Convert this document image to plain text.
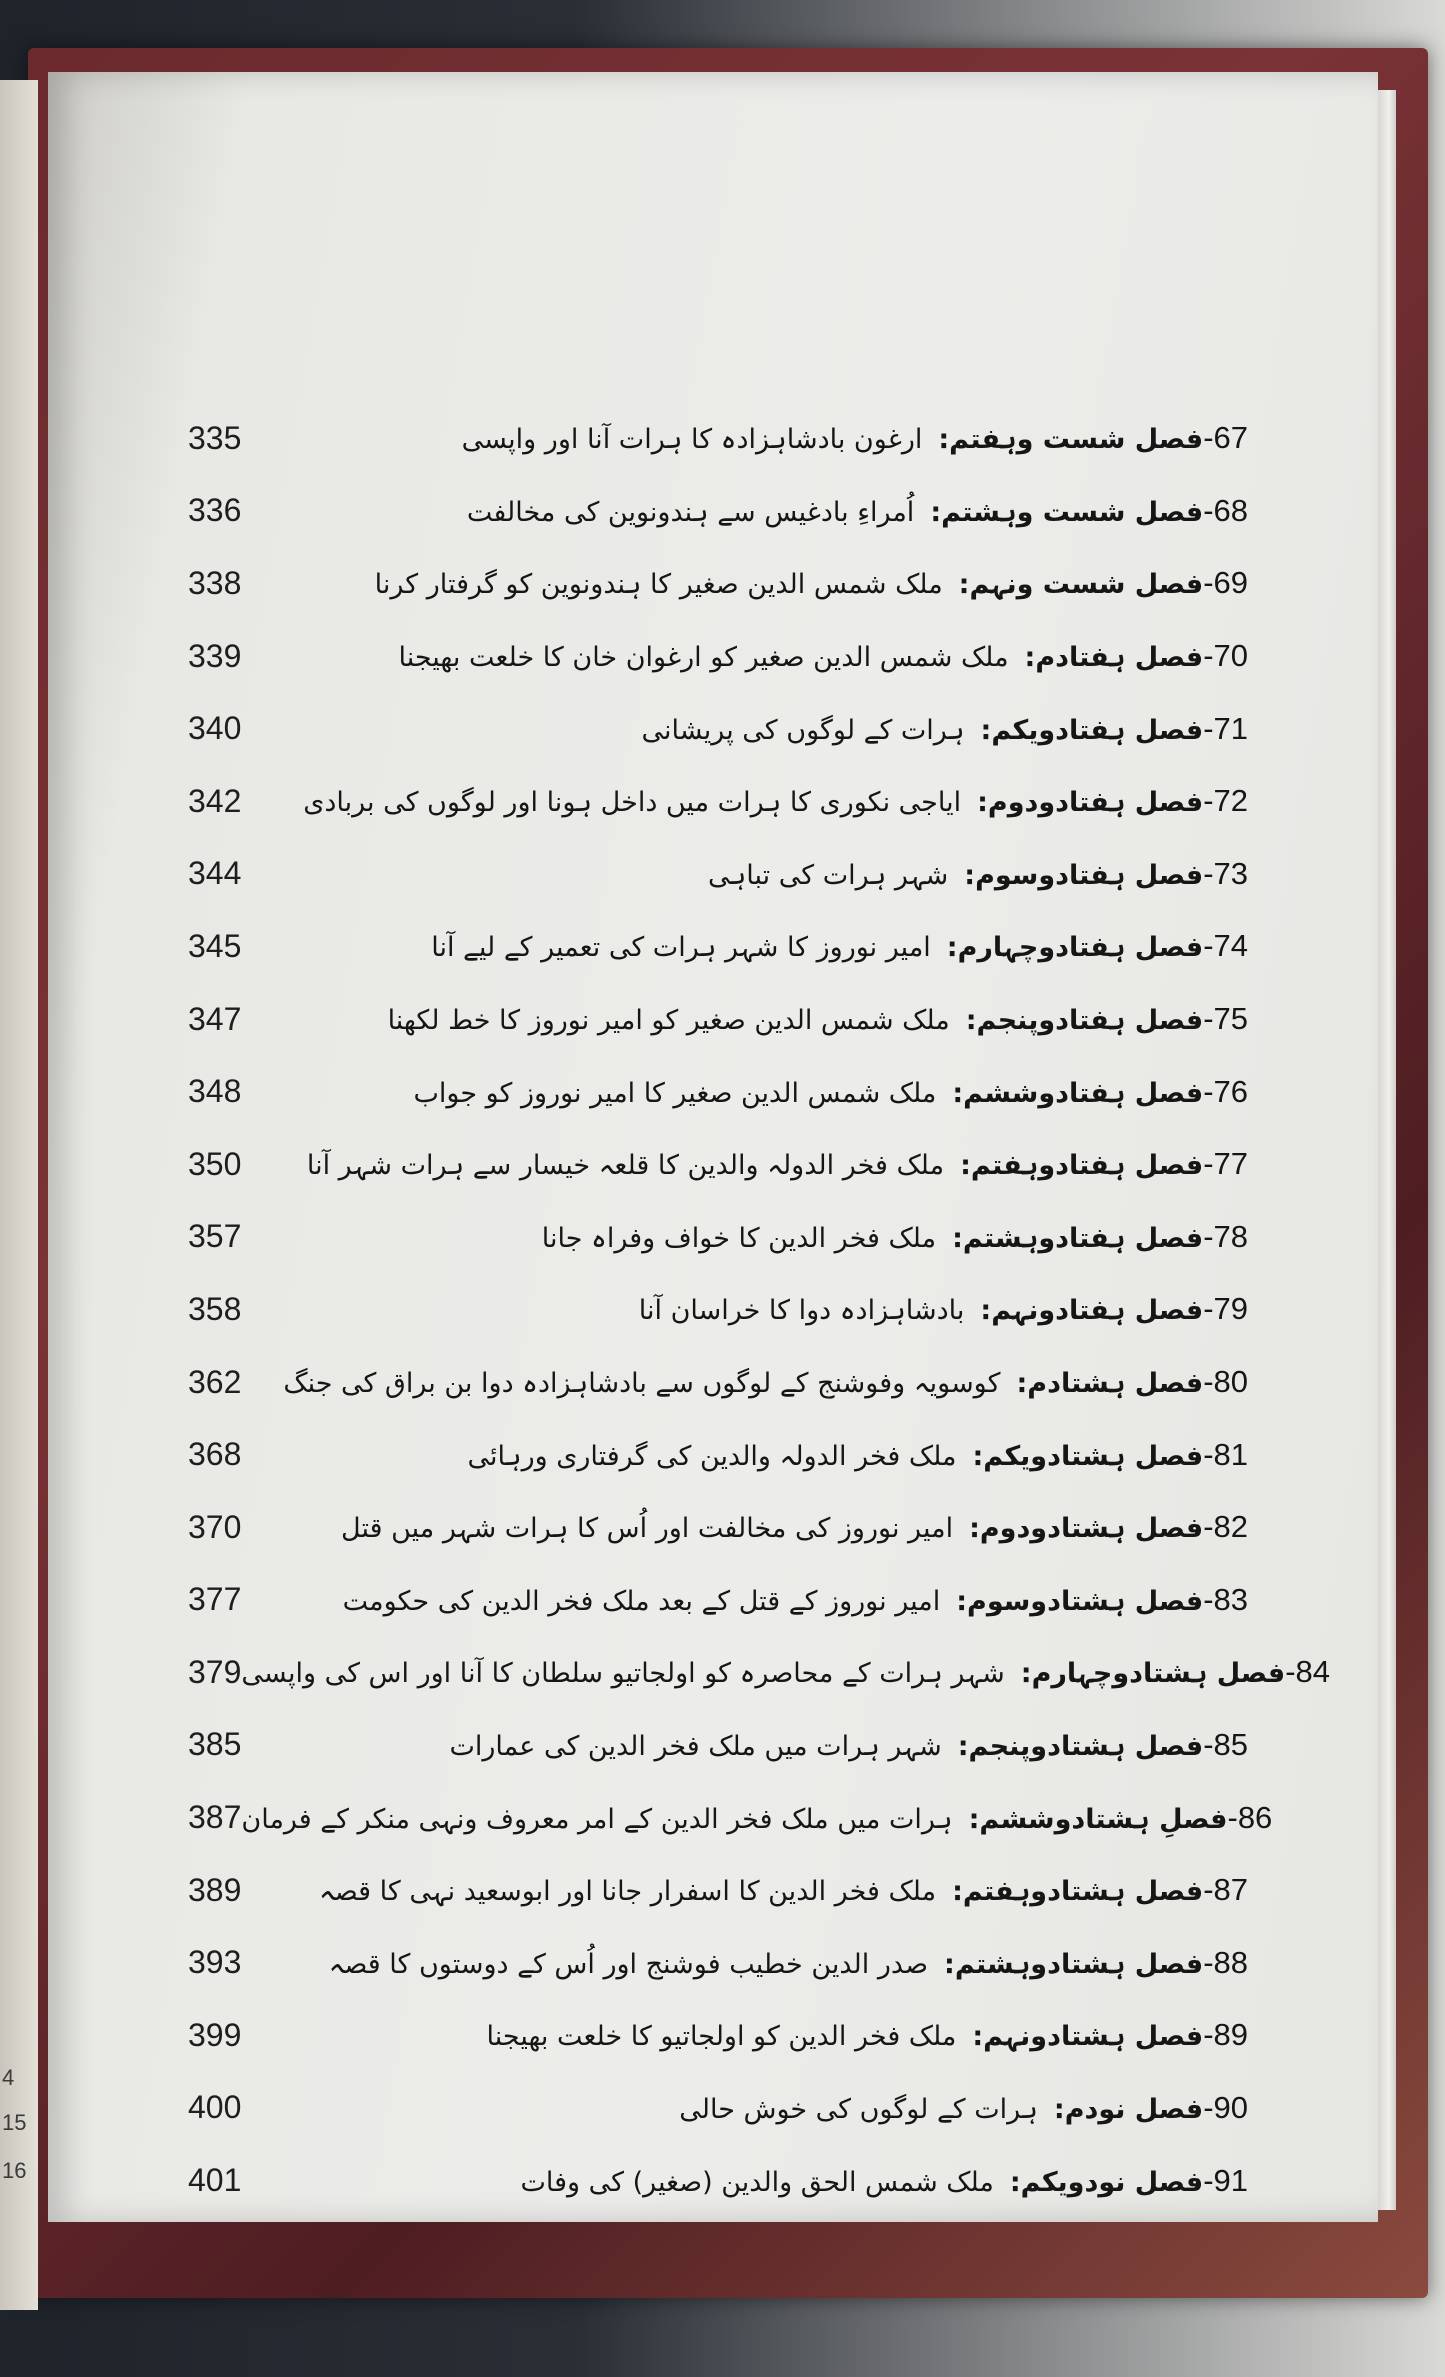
4
15
16
335	67-فصل شست وہفتم:ارغون بادشاہزادہ کا ہرات آنا اور واپسی
336	68-فصل شست وہشتم:اُمراءِ بادغیس سے ہندونوین کی مخالفت
338	69-فصل شست ونہم:ملک شمس الدین صغیر کا ہندونوین کو گرفتار کرنا
339	70-فصل ہفتادم:ملک شمس الدین صغیر کو ارغوان خان کا خلعت بھیجنا
340	71-فصل ہفتادویکم:ہرات کے لوگوں کی پریشانی
342	72-فصل ہفتادودوم:ایاجی نکوری کا ہرات میں داخل ہونا اور لوگوں کی بربادی
344	73-فصل ہفتادوسوم:شہر ہرات کی تباہی
345	74-فصل ہفتادوچہارم:امیر نوروز کا شہر ہرات کی تعمیر کے لیے آنا
347	75-فصل ہفتادوپنجم:ملک شمس الدین صغیر کو امیر نوروز کا خط لکھنا
348	76-فصل ہفتادوششم:ملک شمس الدین صغیر کا امیر نوروز کو جواب
350	77-فصل ہفتادوہفتم:ملک فخر الدولہ والدین کا قلعہ خیسار سے ہرات شہر آنا
357	78-فصل ہفتادوہشتم:ملک فخر الدین کا خواف وفراہ جانا
358	79-فصل ہفتادونہم:بادشاہزادہ دوا کا خراسان آنا
362	80-فصل ہشتادم:کوسویہ وفوشنج کے لوگوں سے بادشاہزادہ دوا بن براق کی جنگ
368	81-فصل ہشتادویکم:ملک فخر الدولہ والدین کی گرفتاری ورہائی
370	82-فصل ہشتادودوم:امیر نوروز کی مخالفت اور اُس کا ہرات شہر میں قتل
377	83-فصل ہشتادوسوم:امیر نوروز کے قتل کے بعد ملک فخر الدین کی حکومت
379	84-فصل ہشتادوچہارم:شہر ہرات کے محاصرہ کو اولجاتیو سلطان کا آنا اور اس کی واپسی
385	85-فصل ہشتادوپنجم:شہر ہرات میں ملک فخر الدین کی عمارات
387	86-فصلِ ہشتادوششم:ہرات میں ملک فخر الدین کے امر معروف ونہی منکر کے فرمان
389	87-فصل ہشتادوہفتم:ملک فخر الدین کا اسفرار جانا اور ابوسعید نہی کا قصہ
393	88-فصل ہشتادوہشتم:صدر الدین خطیب فوشنج اور اُس کے دوستوں کا قصہ
399	89-فصل ہشتادونہم:ملک فخر الدین کو اولجاتیو کا خلعت بھیجنا
400	90-فصل نودم:ہرات کے لوگوں کی خوش حالی
401	91-فصل نودویکم:ملک شمس الحق والدین (صغیر) کی وفات
